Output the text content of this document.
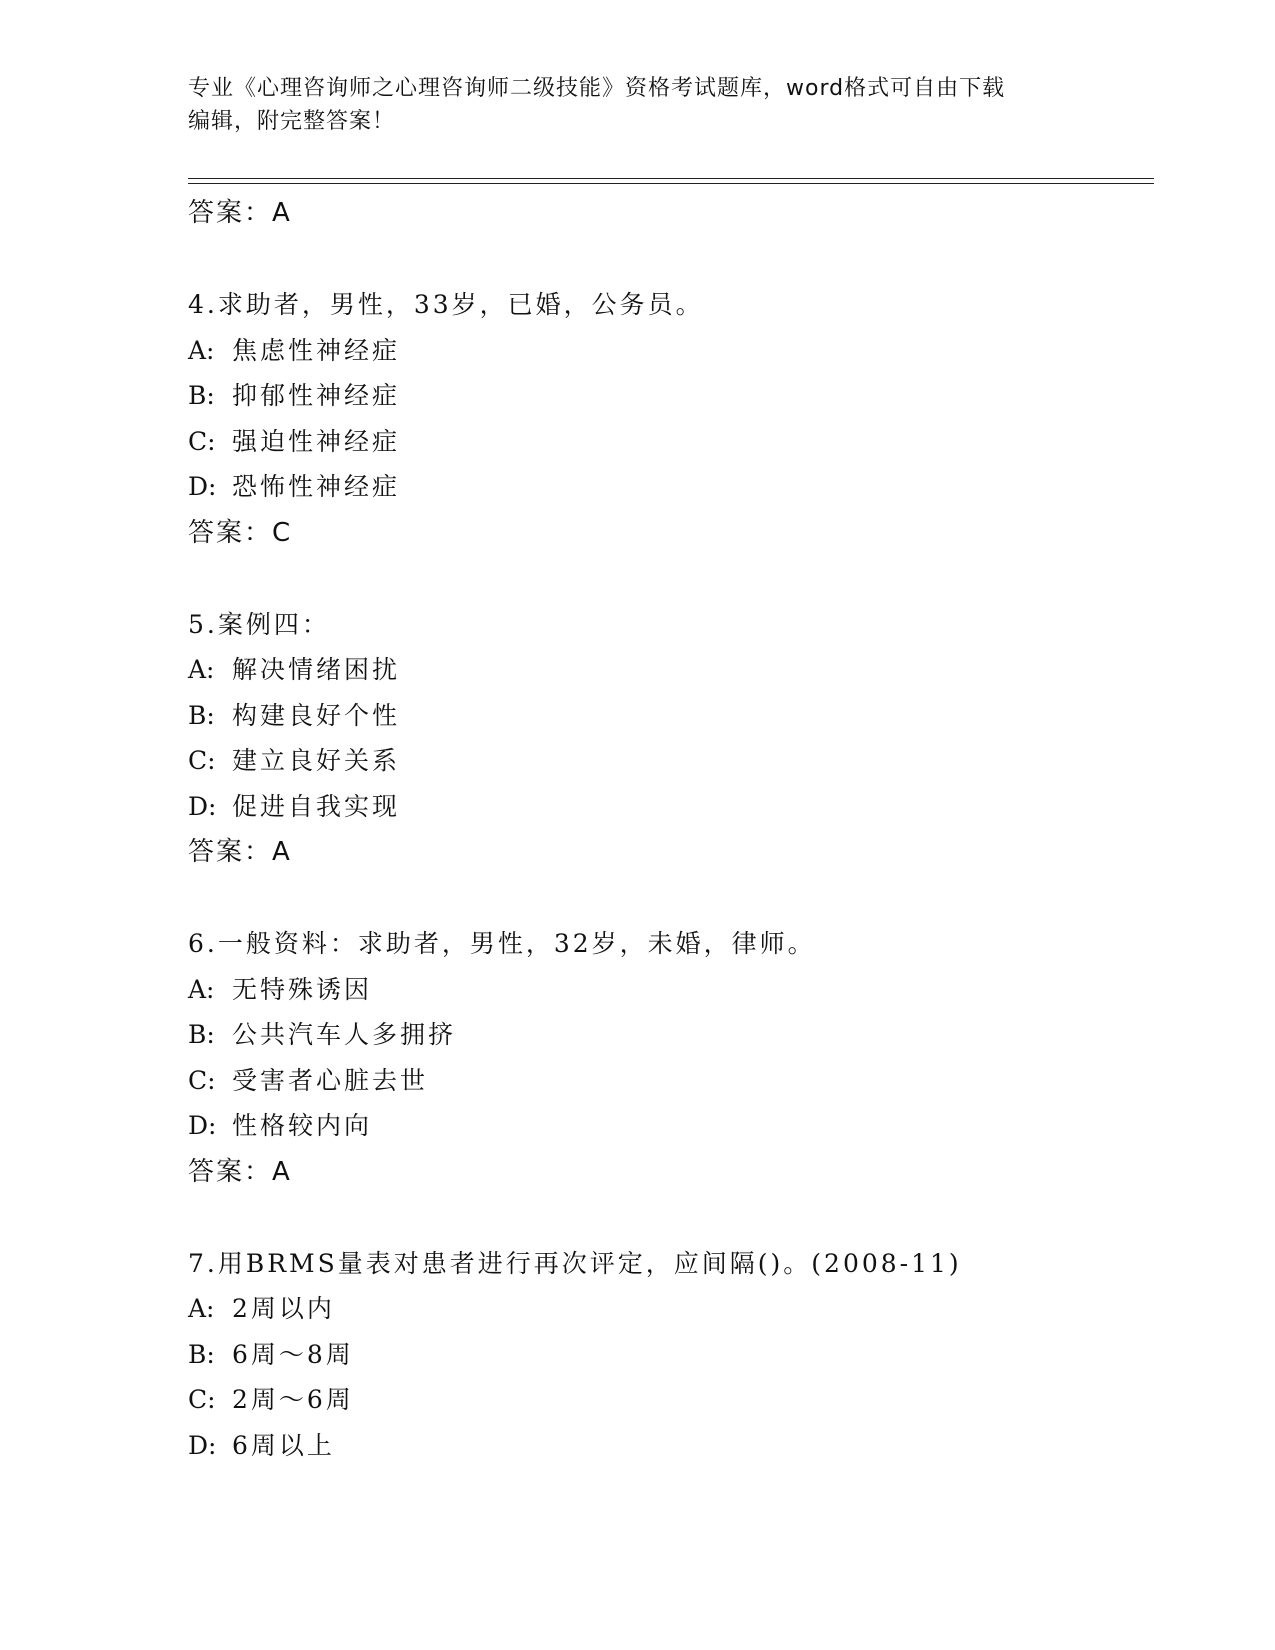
专业《心理咨询师之心理咨询师二级技能》资格考试题库，word格式可自由下载
编辑，附完整答案！
答案：A
4.求助者，男性，33岁，已婚，公务员。
A: 焦虑性神经症
B: 抑郁性神经症
C: 强迫性神经症
D: 恐怖性神经症
答案：C
5.案例四：
A: 解决情绪困扰
B: 构建良好个性
C: 建立良好关系
D: 促进自我实现
答案：A
6.一般资料：求助者，男性，32岁，未婚，律师。
A: 无特殊诱因
B: 公共汽车人多拥挤
C: 受害者心脏去世
D: 性格较内向
答案：A
7.用BRMS量表对患者进行再次评定，应间隔()。(2008-11)
A: 2周以内
B: 6周～8周
C: 2周～6周
D: 6周以上
